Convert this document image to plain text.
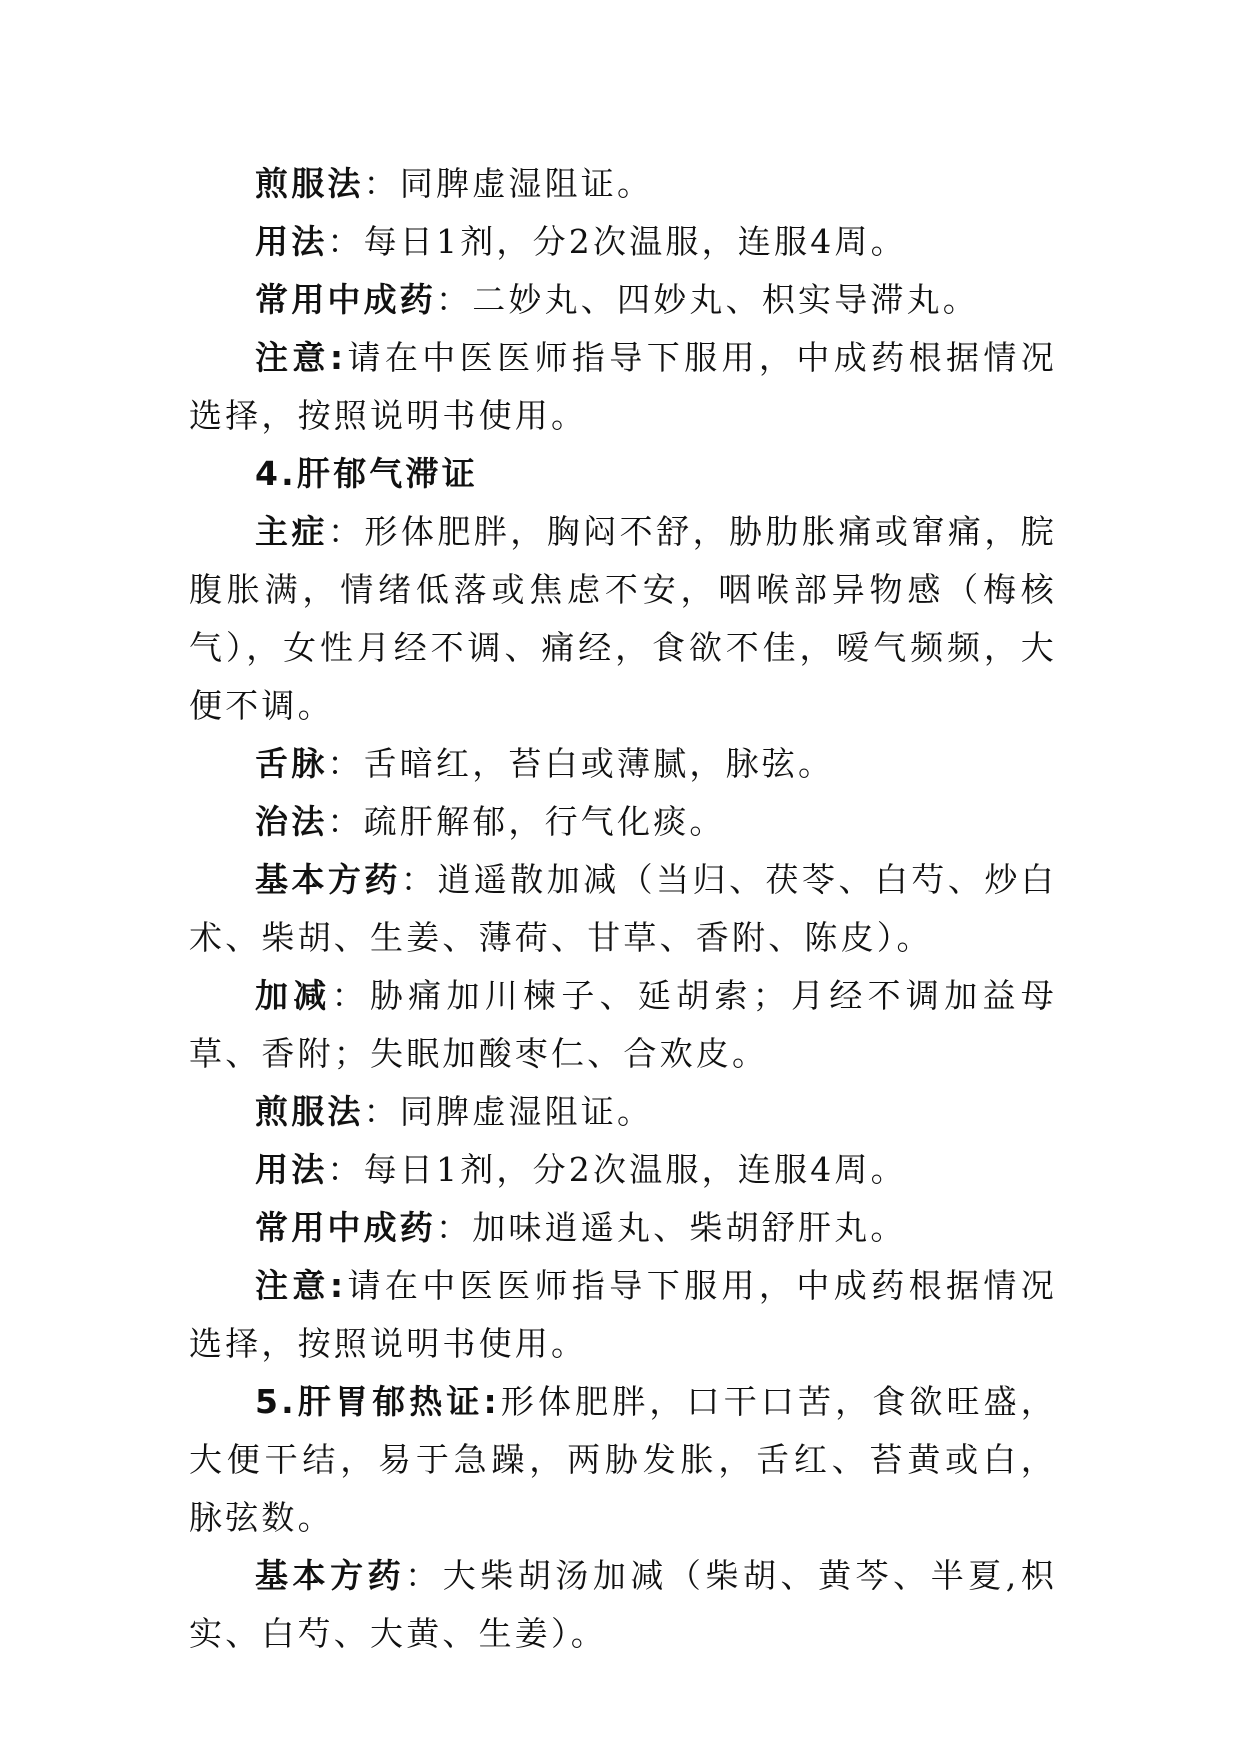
煎服法：同脾虚湿阻证。

用法：每日1剂，分2次温服，连服4周。

常用中成药：二妙丸、四妙丸、枳实导滞丸。

注意:请在中医医师指导下服用，中成药根据情况选择，按照说明书使用。

4.肝郁气滞证

主症：形体肥胖，胸闷不舒，胁肋胀痛或窜痛，脘腹胀满，情绪低落或焦虑不安，咽喉部异物感（梅核气），女性月经不调、痛经，食欲不佳，嗳气频频，大便不调。

舌脉：舌暗红，苔白或薄腻，脉弦。

治法：疏肝解郁，行气化痰。

基本方药：逍遥散加减（当归、茯苓、白芍、炒白术、柴胡、生姜、薄荷、甘草、香附、陈皮）。

加减：胁痛加川楝子、延胡索；月经不调加益母草、香附；失眠加酸枣仁、合欢皮。

煎服法：同脾虚湿阻证。

用法：每日1剂，分2次温服，连服4周。

常用中成药：加味逍遥丸、柴胡舒肝丸。

注意:请在中医医师指导下服用，中成药根据情况选择，按照说明书使用。

5.肝胃郁热证:形体肥胖，口干口苦，食欲旺盛，大便干结，易于急躁，两胁发胀，舌红、苔黄或白，脉弦数。

基本方药：大柴胡汤加减（柴胡、黄芩、半夏,枳实、白芍、大黄、生姜）。
